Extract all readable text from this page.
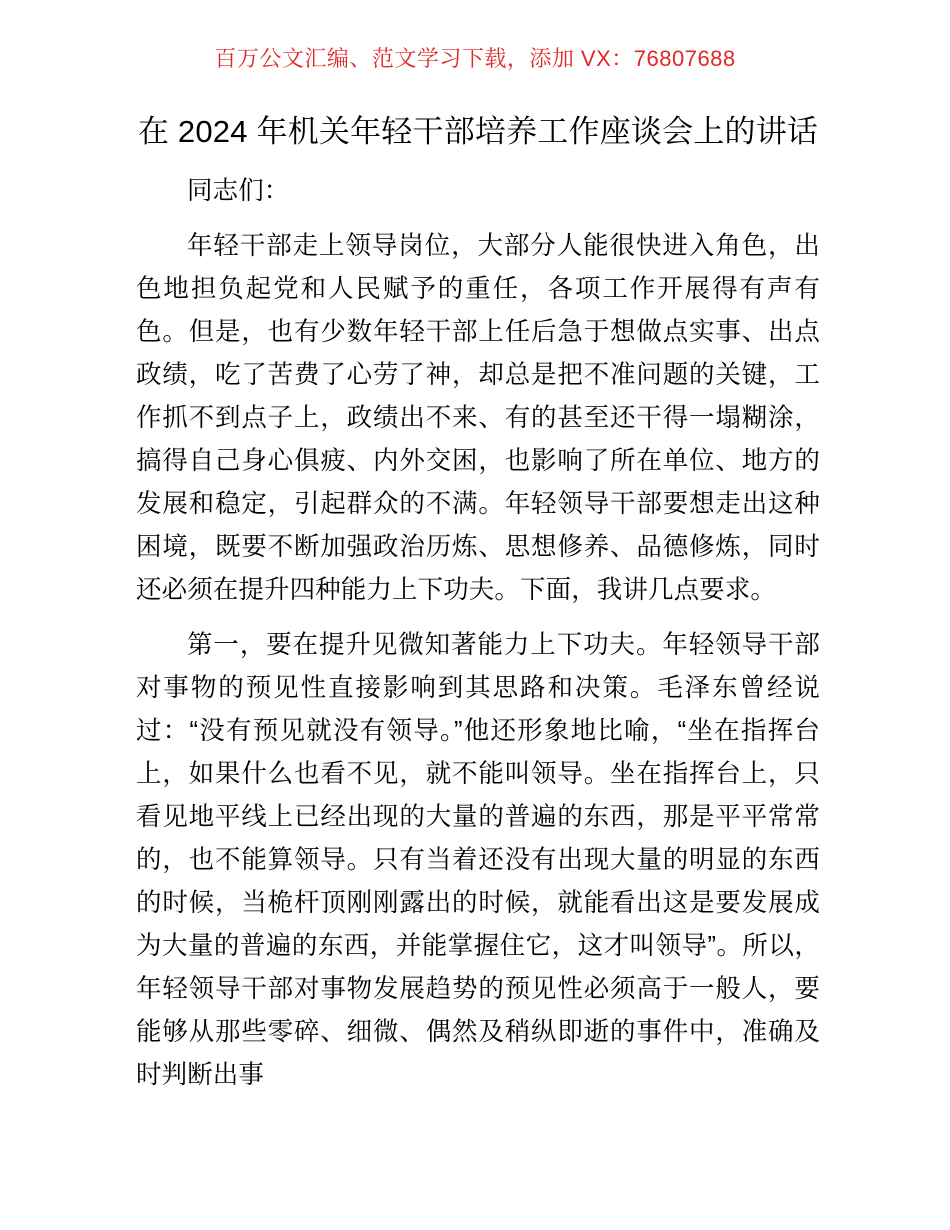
百万公文汇编、范文学习下载，添加 VX：76807688
在 2024 年机关年轻干部培养工作座谈会上的讲话

同志们：

年轻干部走上领导岗位，大部分人能很快进入角色，出色地担负起党和人民赋予的重任，各项工作开展得有声有色。但是，也有少数年轻干部上任后急于想做点实事、出点政绩，吃了苦费了心劳了神，却总是把不准问题的关键，工作抓不到点子上，政绩出不来、有的甚至还干得一塌糊涂，搞得自己身心俱疲、内外交困，也影响了所在单位、地方的发展和稳定，引起群众的不满。年轻领导干部要想走出这种困境，既要不断加强政治历炼、思想修养、品德修炼，同时还必须在提升四种能力上下功夫。下面，我讲几点要求。

第一，要在提升见微知著能力上下功夫。年轻领导干部对事物的预见性直接影响到其思路和决策。毛泽东曾经说过：“没有预见就没有领导。”他还形象地比喻，“坐在指挥台上，如果什么也看不见，就不能叫领导。坐在指挥台上，只看见地平线上已经出现的大量的普遍的东西，那是平平常常的，也不能算领导。只有当着还没有出现大量的明显的东西的时候，当桅杆顶刚刚露出的时候，就能看出这是要发展成为大量的普遍的东西，并能掌握住它，这才叫领导”。所以，年轻领导干部对事物发展趋势的预见性必须高于一般人，要能够从那些零碎、细微、偶然及稍纵即逝的事件中，准确及时判断出事
